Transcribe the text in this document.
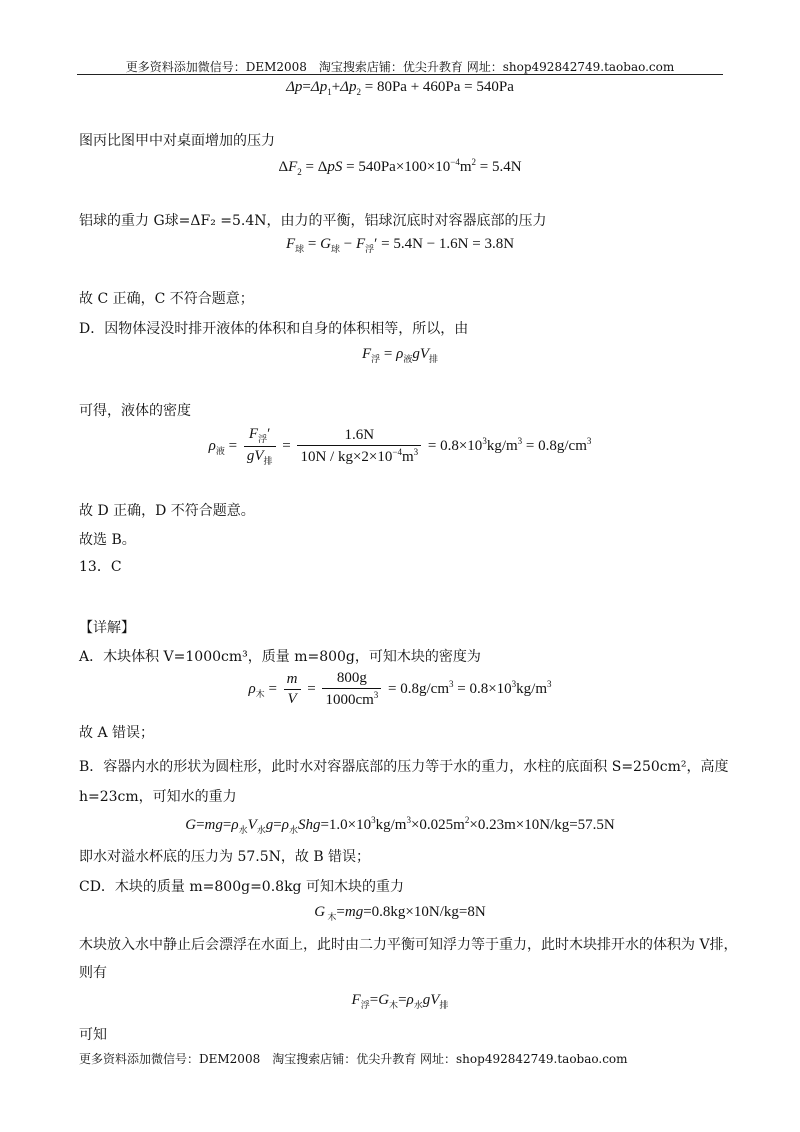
更多资料添加微信号：DEM2008　淘宝搜索店铺：优尖升教育 网址：shop492842749.taobao.com
$\Delta p=\Delta p_1+\Delta p_2 = 80Pa + 460Pa = 540Pa$
图丙比图甲中对桌面增加的压力
$\Delta F_2 = \Delta pS = 540Pa\times 100\times 10^{-4}m^2 = 5.4N$
铝球的重力 G球=ΔF₂ =5.4N，由力的平衡，铝球沉底时对容器底部的压力
$F_球 = G_球 - F_浮' = 5.4N - 1.6N = 3.8N$
故 C 正确，C 不符合题意；
D．因物体浸没时排开液体的体积和自身的体积相等，所以，由
$F_浮 = \rho_液gV_排$
可得，液体的密度
$\rho_液 = \frac{F_浮'}{gV_排} = \frac{1.6N}{10N / kg\times 2\times 10^{-4}m^3} = 0.8\times 10^3kg/m^3 = 0.8g/cm^3$
故 D 正确，D 不符合题意。
故选 B。
13．C
【详解】
A．木块体积 V=1000cm³，质量 m=800g，可知木块的密度为
$\rho_木 = \frac{m}{V} = \frac{800g}{1000cm^3} = 0.8g/cm^3 = 0.8\times 10^3kg/m^3$
故 A 错误；
B．容器内水的形状为圆柱形，此时水对容器底部的压力等于水的重力，水柱的底面积 S=250cm²，高度
h=23cm，可知水的重力
$G=mg=\rho_水V_水g=\rho_水Shg=1.0\times 10^3kg/m^3\times 0.025m^2\times 0.23m\times 10N/kg=57.5N$
即水对溢水杯底的压力为 57.5N，故 B 错误；
CD．木块的质量 m=800g=0.8kg 可知木块的重力
G $_木$=mg=0.8kg×10N/kg=8N
木块放入水中静止后会漂浮在水面上，此时由二力平衡可知浮力等于重力，此时木块排开水的体积为 V排，
则有
$F_浮=G_木=\rho_水gV_排$
可知
更多资料添加微信号：DEM2008　淘宝搜索店铺：优尖升教育 网址：shop492842749.taobao.com
